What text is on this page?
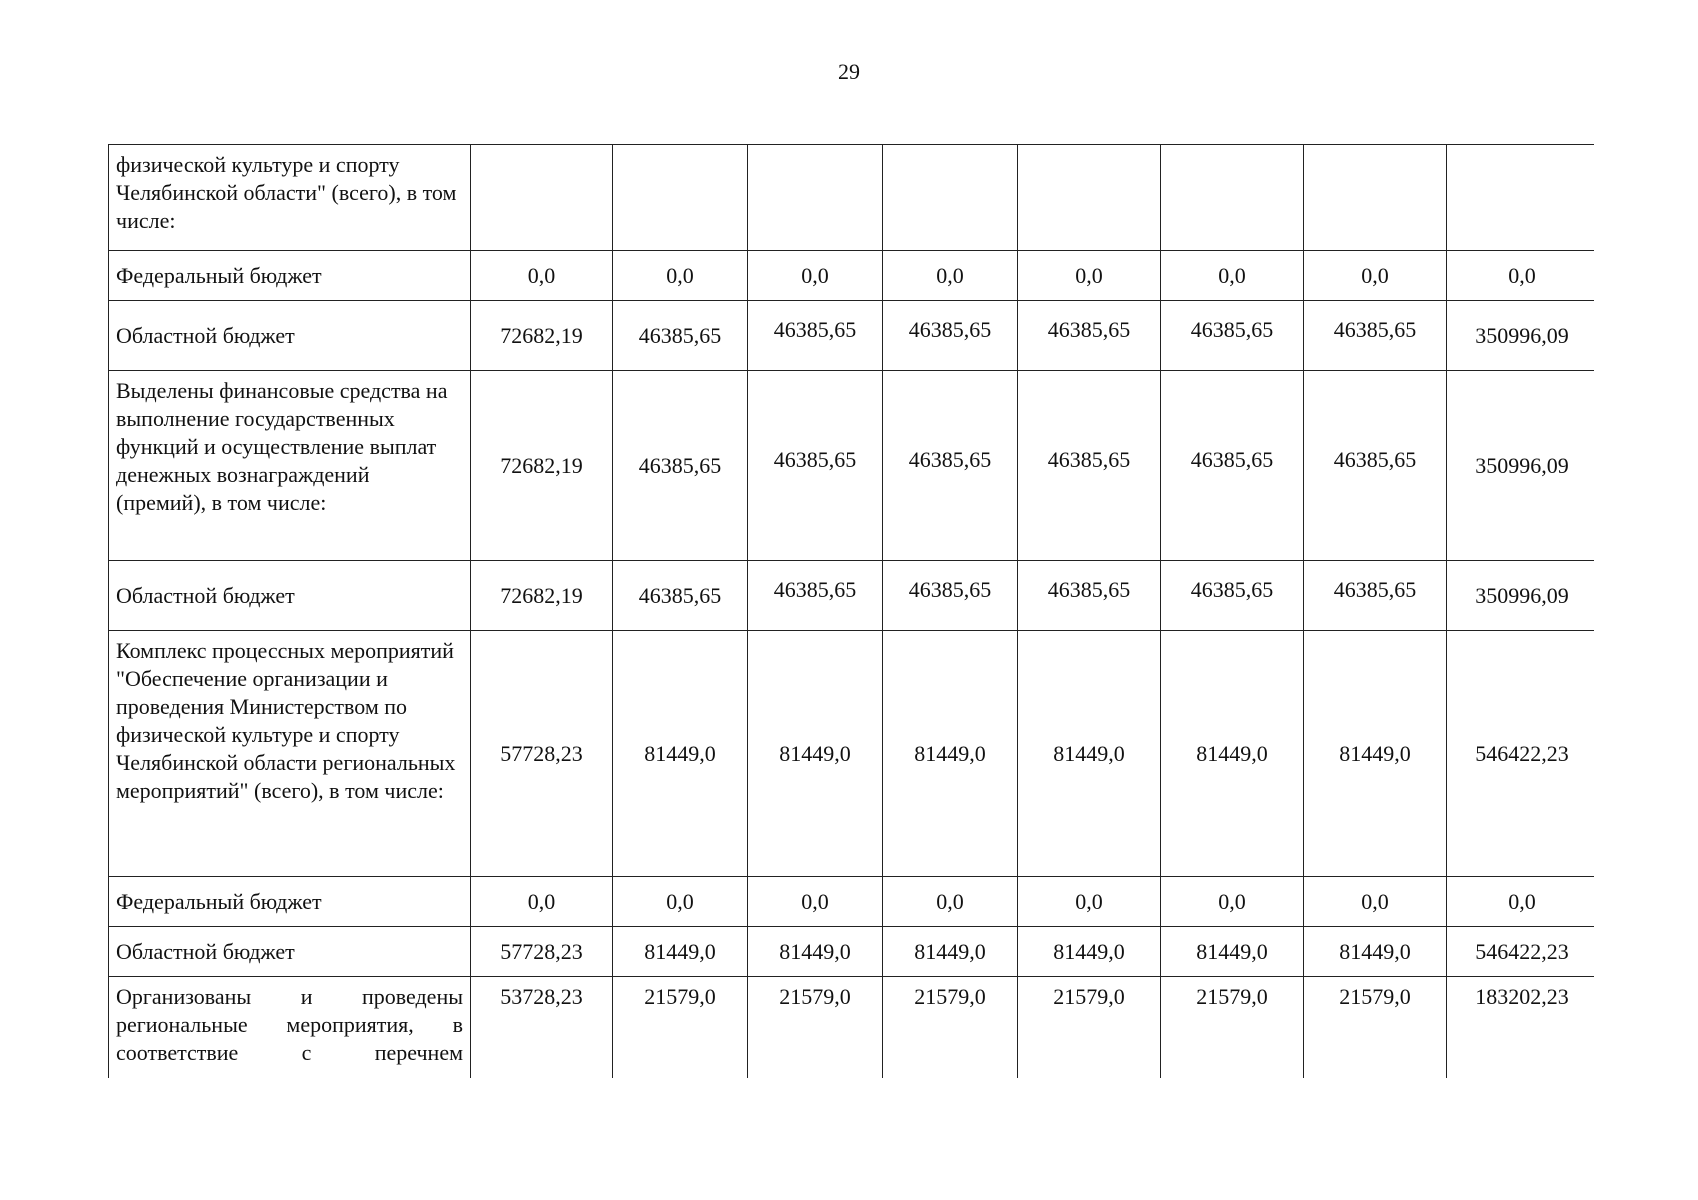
29
физической культуре и спорту Челябинской области" (всего), в том числе:								
Федеральный бюджет	0,0	0,0	0,0	0,0	0,0	0,0	0,0	0,0
Областной бюджет	72682,19	46385,65	46385,65	46385,65	46385,65	46385,65	46385,65	350996,09
Выделены финансовые средства на выполнение государственных функций и осуществление выплат денежных вознаграждений (премий), в том числе:	72682,19	46385,65	46385,65	46385,65	46385,65	46385,65	46385,65	350996,09
Областной бюджет	72682,19	46385,65	46385,65	46385,65	46385,65	46385,65	46385,65	350996,09
Комплекс процессных мероприятий "Обеспечение организации и проведения Министерством по физической культуре и спорту Челябинской области региональных мероприятий" (всего), в том числе:	57728,23	81449,0	81449,0	81449,0	81449,0	81449,0	81449,0	546422,23
Федеральный бюджет	0,0	0,0	0,0	0,0	0,0	0,0	0,0	0,0
Областной бюджет	57728,23	81449,0	81449,0	81449,0	81449,0	81449,0	81449,0	546422,23
Организованы и проведены региональные мероприятия, в соответствие с перечнем	53728,23	21579,0	21579,0	21579,0	21579,0	21579,0	21579,0	183202,23
